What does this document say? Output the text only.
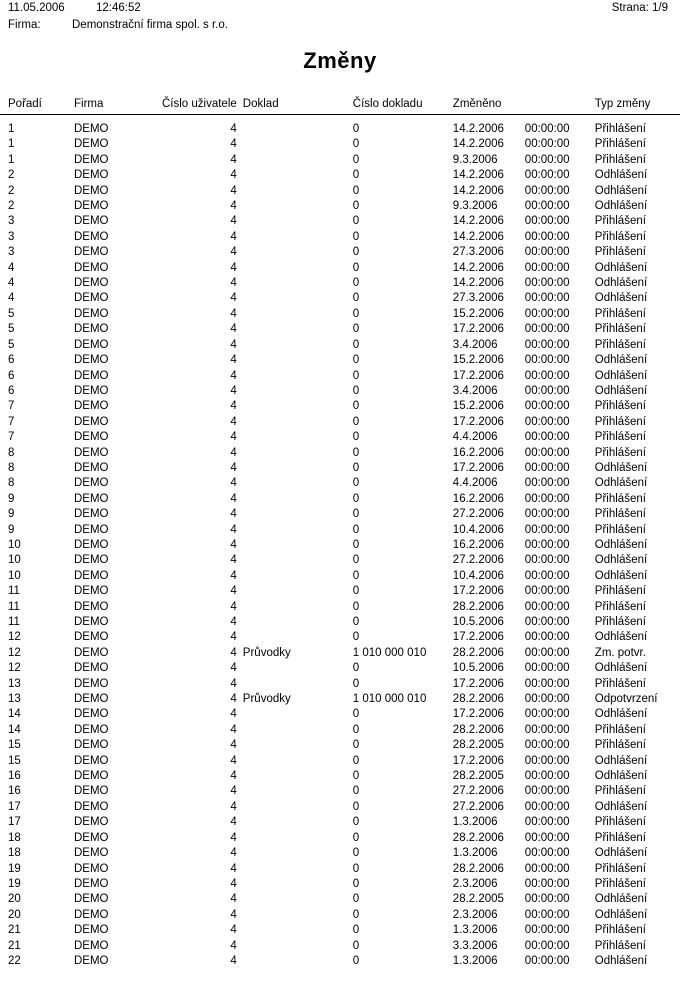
11.05.2006	12:46:52	Strana: 1/9
Firma:	Demonstrační firma spol. s r.o.
Změny
Pořadí	Firma	Číslo uživatele	Doklad	Číslo dokladu	Změněno		Typ změny
1	DEMO	4		0	14.2.2006	00:00:00	Přihlášení
1	DEMO	4		0	14.2.2006	00:00:00	Přihlášení
1	DEMO	4		0	9.3.2006	00:00:00	Přihlášení
2	DEMO	4		0	14.2.2006	00:00:00	Odhlášení
2	DEMO	4		0	14.2.2006	00:00:00	Odhlášení
2	DEMO	4		0	9.3.2006	00:00:00	Odhlášení
3	DEMO	4		0	14.2.2006	00:00:00	Přihlášení
3	DEMO	4		0	14.2.2006	00:00:00	Přihlášení
3	DEMO	4		0	27.3.2006	00:00:00	Přihlášení
4	DEMO	4		0	14.2.2006	00:00:00	Odhlášení
4	DEMO	4		0	14.2.2006	00:00:00	Odhlášení
4	DEMO	4		0	27.3.2006	00:00:00	Odhlášení
5	DEMO	4		0	15.2.2006	00:00:00	Přihlášení
5	DEMO	4		0	17.2.2006	00:00:00	Přihlášení
5	DEMO	4		0	3.4.2006	00:00:00	Přihlášení
6	DEMO	4		0	15.2.2006	00:00:00	Odhlášení
6	DEMO	4		0	17.2.2006	00:00:00	Odhlášení
6	DEMO	4		0	3.4.2006	00:00:00	Odhlášení
7	DEMO	4		0	15.2.2006	00:00:00	Přihlášení
7	DEMO	4		0	17.2.2006	00:00:00	Přihlášení
7	DEMO	4		0	4.4.2006	00:00:00	Přihlášení
8	DEMO	4		0	16.2.2006	00:00:00	Přihlášení
8	DEMO	4		0	17.2.2006	00:00:00	Odhlášení
8	DEMO	4		0	4.4.2006	00:00:00	Odhlášení
9	DEMO	4		0	16.2.2006	00:00:00	Přihlášení
9	DEMO	4		0	27.2.2006	00:00:00	Přihlášení
9	DEMO	4		0	10.4.2006	00:00:00	Přihlášení
10	DEMO	4		0	16.2.2006	00:00:00	Odhlášení
10	DEMO	4		0	27.2.2006	00:00:00	Odhlášení
10	DEMO	4		0	10.4.2006	00:00:00	Odhlášení
11	DEMO	4		0	17.2.2006	00:00:00	Přihlášení
11	DEMO	4		0	28.2.2006	00:00:00	Přihlášení
11	DEMO	4		0	10.5.2006	00:00:00	Přihlášení
12	DEMO	4		0	17.2.2006	00:00:00	Odhlášení
12	DEMO	4	Průvodky	1 010 000 010	28.2.2006	00:00:00	Zm. potvr.
12	DEMO	4		0	10.5.2006	00:00:00	Odhlášení
13	DEMO	4		0	17.2.2006	00:00:00	Přihlášení
13	DEMO	4	Průvodky	1 010 000 010	28.2.2006	00:00:00	Odpotvrzení
14	DEMO	4		0	17.2.2006	00:00:00	Odhlášení
14	DEMO	4		0	28.2.2006	00:00:00	Přihlášení
15	DEMO	4		0	28.2.2005	00:00:00	Přihlášení
15	DEMO	4		0	17.2.2006	00:00:00	Odhlášení
16	DEMO	4		0	28.2.2005	00:00:00	Odhlášení
16	DEMO	4		0	27.2.2006	00:00:00	Přihlášení
17	DEMO	4		0	27.2.2006	00:00:00	Odhlášení
17	DEMO	4		0	1.3.2006	00:00:00	Přihlášení
18	DEMO	4		0	28.2.2006	00:00:00	Přihlášení
18	DEMO	4		0	1.3.2006	00:00:00	Odhlášení
19	DEMO	4		0	28.2.2006	00:00:00	Přihlášení
19	DEMO	4		0	2.3.2006	00:00:00	Přihlášení
20	DEMO	4		0	28.2.2005	00:00:00	Odhlášení
20	DEMO	4		0	2.3.2006	00:00:00	Odhlášení
21	DEMO	4		0	1.3.2006	00:00:00	Přihlášení
21	DEMO	4		0	3.3.2006	00:00:00	Přihlášení
22	DEMO	4		0	1.3.2006	00:00:00	Odhlášení
